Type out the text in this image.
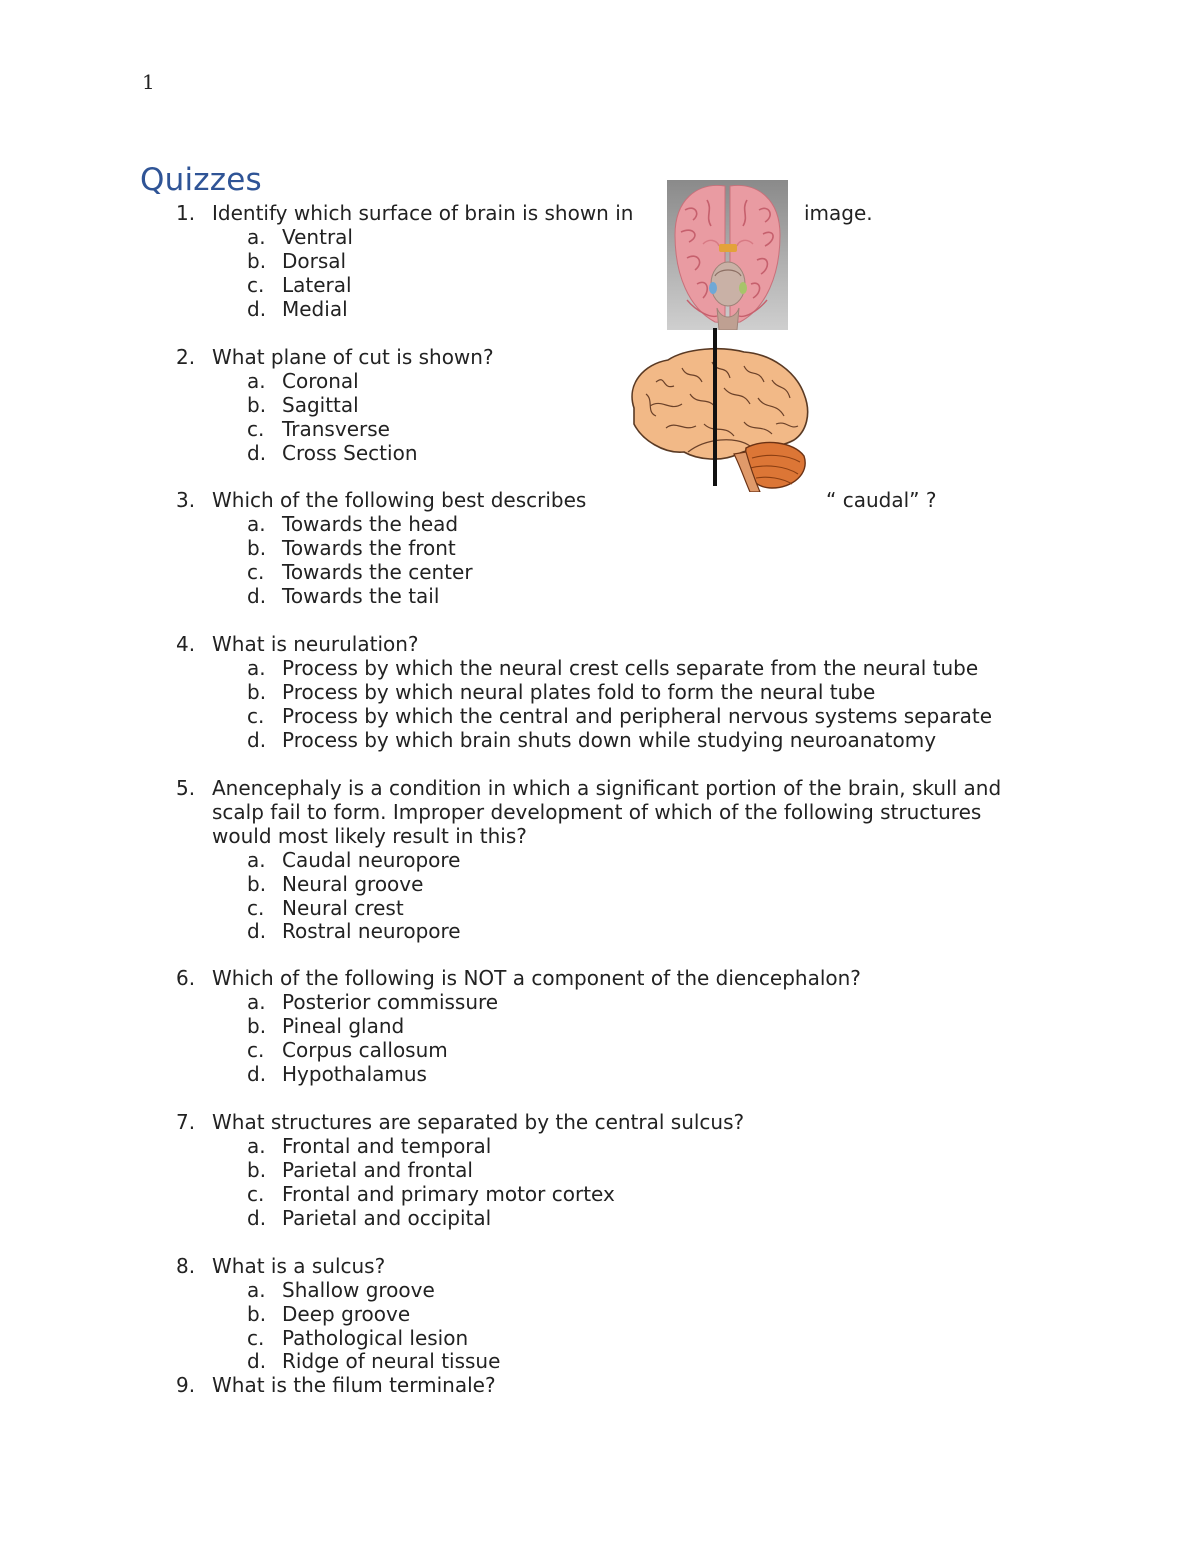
1
Quizzes
1. Identify which surface of brain is shown in	image.
a. Ventral
b. Dorsal
c. Lateral
d. Medial
2. What plane of cut is shown?
a. Coronal
b. Sagittal
c. Transverse
d. Cross Section
3. Which of the following best describes	“ caudal” ?
a. Towards the head
b. Towards the front
c. Towards the center
d. Towards the tail
4. What is neurulation?
a. Process by which the neural crest cells separate from the neural tube
b. Process by which neural plates fold to form the neural tube
c. Process by which the central and peripheral nervous systems separate
d. Process by which brain shuts down while studying neuroanatomy
5. Anencephaly is a condition in which a significant portion of the brain, skull and
scalp fail to form. Improper development of which of the following structures
would most likely result in this?
a. Caudal neuropore
b. Neural groove
c. Neural crest
d. Rostral neuropore
6. Which of the following is NOT a component of the diencephalon?
a. Posterior commissure
b. Pineal gland
c. Corpus callosum
d. Hypothalamus
7. What structures are separated by the central sulcus?
a. Frontal and temporal
b. Parietal and frontal
c. Frontal and primary motor cortex
d. Parietal and occipital
8. What is a sulcus?
a. Shallow groove
b. Deep groove
c. Pathological lesion
d. Ridge of neural tissue
9. What is the filum terminale?
